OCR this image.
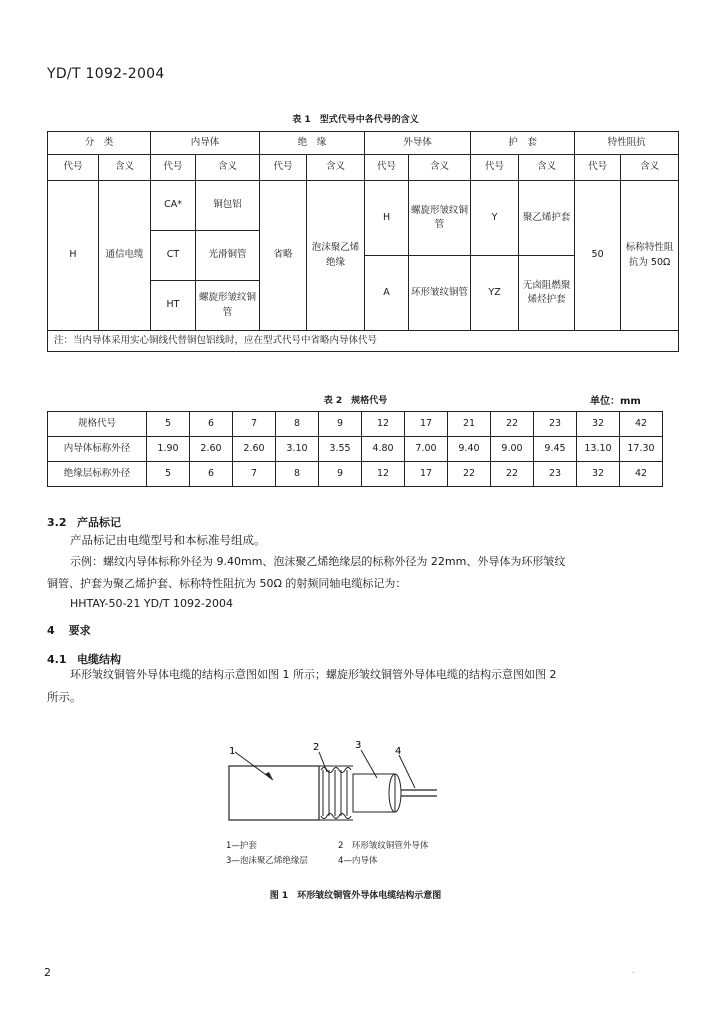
YD/T 1092-2004
表 1　型式代号中各代号的含义
分　类		内导体		绝　缘		外导体		护　套		特性阻抗	
代号	含义	代号	含义	代号	含义	代号	含义	代号	含义	代号	含义
H	通信电缆	CA*	铜包铝	省略	泡沫聚乙烯绝缘	H	螺旋形皱纹铜管	Y	聚乙烯护套	50	标称特性阻抗为 50Ω

		CT	光滑铜管								
						A	环形皱纹铜管	YZ	无卤阻燃聚烯烃护套		
		HT	螺旋形皱纹铜管								

注：当内导体采用实心铜线代替铜包铝线时，应在型式代号中省略内导体代号											
表 2　规格代号	单位：mm
规格代号	5	6	7	8	9	12	17	21	22	23	32	42
内导体标称外径	1.90	2.60	2.60	3.10	3.55	4.80	7.00	9.40	9.00	9.45	13.10	17.30
绝缘层标称外径	5	6	7	8	9	12	17	22	22	23	32	42
3.2 产品标记
产品标记由电缆型号和本标准号组成。
示例：螺纹内导体标称外径为 9.40mm、泡沫聚乙烯绝缘层的标称外径为 22mm、外导体为环形皱纹
铜管、护套为聚乙烯护套、标称特性阻抗为 50Ω 的射频同轴电缆标记为：
HHTAY-50-21 YD/T 1092-2004
4 要求
4.1 电缆结构
环形皱纹铜管外导体电缆的结构示意图如图 1 所示；螺旋形皱纹铜管外导体电缆的结构示意图如图 2
所示。
1	2	3
4
1—护套	2　环形皱纹铜管外导体
3—泡沫聚乙烯绝缘层	4—内导体
图 1　环形皱纹铜管外导体电缆结构示意图
2	.
